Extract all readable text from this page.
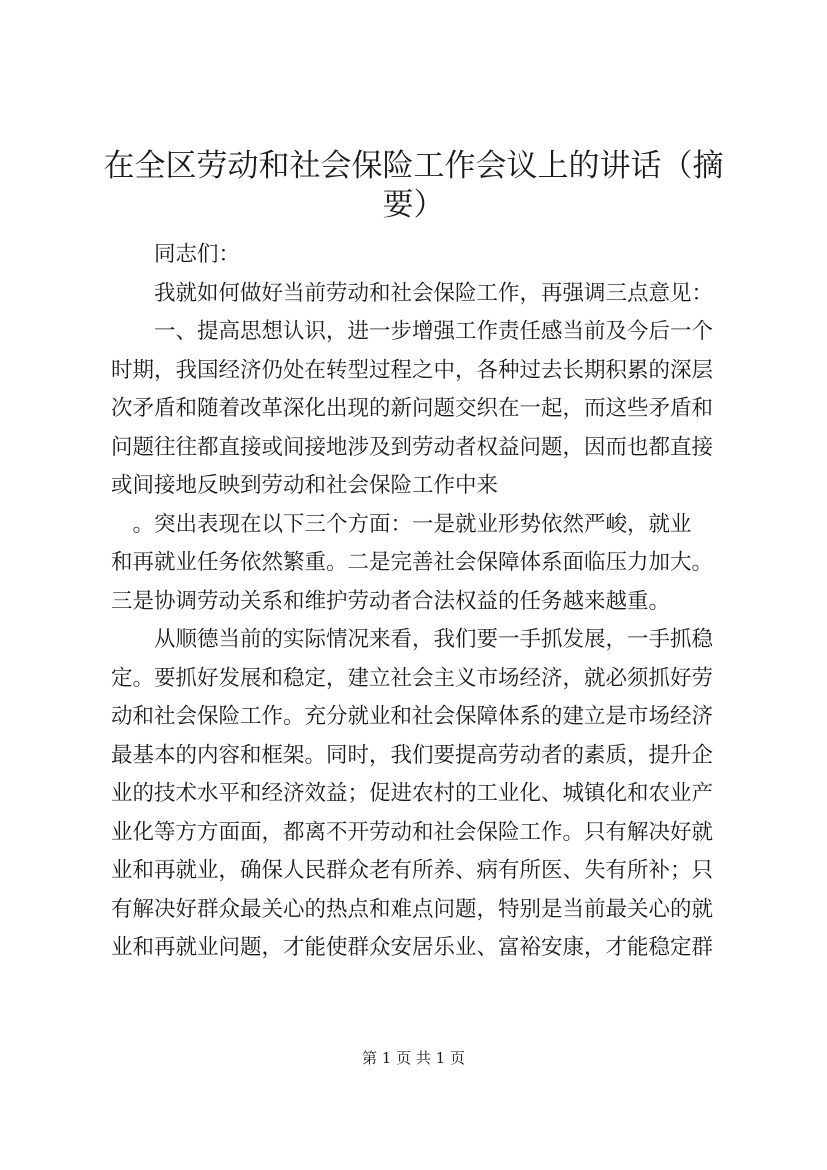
在全区劳动和社会保险工作会议上的讲话（摘
要）
　　同志们：
　　我就如何做好当前劳动和社会保险工作，再强调三点意见：
　　一、提高思想认识，进一步增强工作责任感当前及今后一个
时期，我国经济仍处在转型过程之中，各种过去长期积累的深层
次矛盾和随着改革深化出现的新问题交织在一起，而这些矛盾和
问题往往都直接或间接地涉及到劳动者权益问题，因而也都直接
或间接地反映到劳动和社会保险工作中来
　。突出表现在以下三个方面：一是就业形势依然严峻，就业
和再就业任务依然繁重。二是完善社会保障体系面临压力加大。
三是协调劳动关系和维护劳动者合法权益的任务越来越重。
　　从顺德当前的实际情况来看，我们要一手抓发展，一手抓稳
定。要抓好发展和稳定，建立社会主义市场经济，就必须抓好劳
动和社会保险工作。充分就业和社会保障体系的建立是市场经济
最基本的内容和框架。同时，我们要提高劳动者的素质，提升企
业的技术水平和经济效益；促进农村的工业化、城镇化和农业产
业化等方方面面，都离不开劳动和社会保险工作。只有解决好就
业和再就业，确保人民群众老有所养、病有所医、失有所补；只
有解决好群众最关心的热点和难点问题，特别是当前最关心的就
业和再就业问题，才能使群众安居乐业、富裕安康，才能稳定群
第 1 页 共 1 页
